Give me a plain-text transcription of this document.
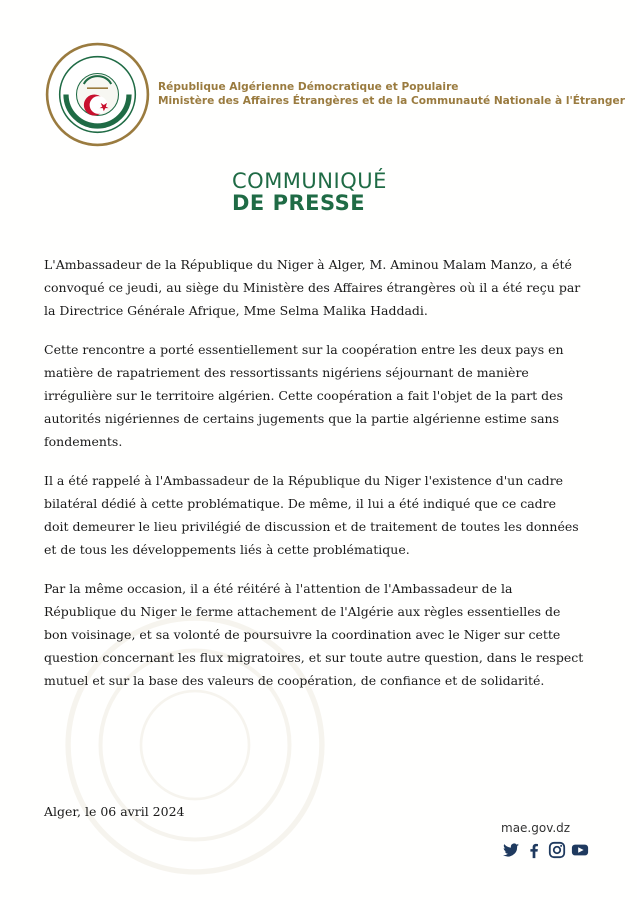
République Algérienne Démocratique et Populaire
Ministère des Affaires Étrangères et de la Communauté Nationale à l'Étranger
COMMUNIQUÉ
DE PRESSE

L'Ambassadeur de la République du Niger à Alger, M. Aminou Malam Manzo, a été convoqué ce jeudi, au siège du Ministère des Affaires étrangères où il a été reçu par la Directrice Générale Afrique, Mme Selma Malika Haddadi.

Cette rencontre a porté essentiellement sur la coopération entre les deux pays en matière de rapatriement des ressortissants nigériens séjournant de manière irrégulière sur le territoire algérien. Cette coopération a fait l'objet de la part des autorités nigériennes de certains jugements que la partie algérienne estime sans fondements.

Il a été rappelé à l'Ambassadeur de la République du Niger l'existence d'un cadre bilatéral dédié à cette problématique. De même, il lui a été indiqué que ce cadre doit demeurer le lieu privilégié de discussion et de traitement de toutes les données et de tous les développements liés à cette problématique.

Par la même occasion, il a été réitéré à l'attention de l'Ambassadeur de la République du Niger le ferme attachement de l'Algérie aux règles essentielles de bon voisinage, et sa volonté de poursuivre la coordination avec le Niger sur cette question concernant les flux migratoires, et sur toute autre question, dans le respect mutuel et sur la base des valeurs de coopération, de confiance et de solidarité.

Alger, le 06 avril 2024
mae.gov.dz
